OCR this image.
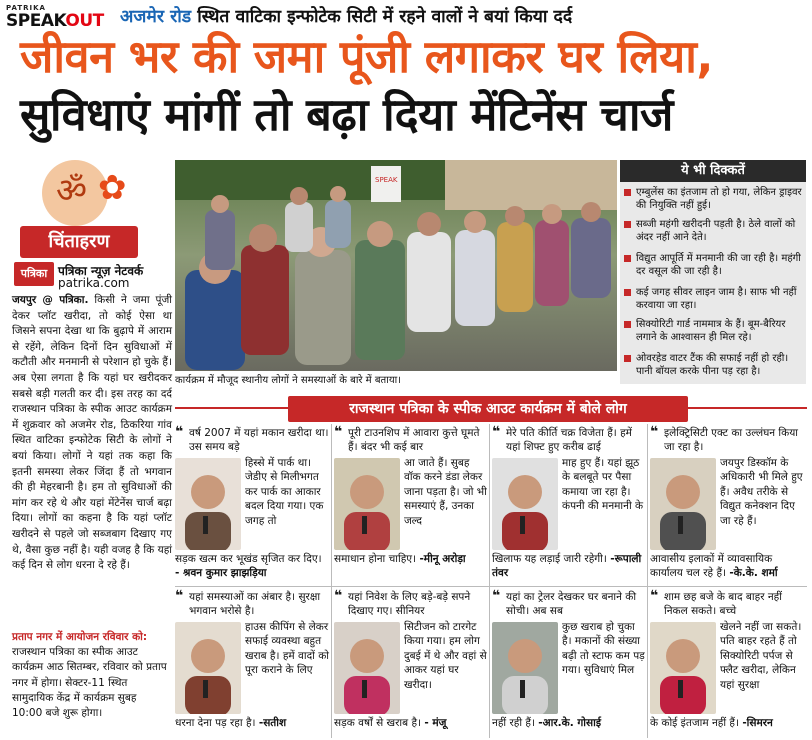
PATRIKA
SPEAKOUT अजमेर रोड स्थित वाटिका इन्फोटेक सिटी में रहने वालों ने बयां किया दर्द
जीवन भर की जमा पूंजी लगाकर घर लिया,
सुविधाएं मांगीं तो बढ़ा दिया मेंटिनेंस चार्ज
ॐ ✿
चिंताहरण
पत्रिका पत्रिका न्यूज़ नेटवर्क
patrika.com
जयपुर @ पत्रिका. किसी ने जमा पूंजी देकर प्लॉट खरीदा, तो कोई ऐसा था जिसने सपना देखा था कि बुढ़ापे में आराम से रहेंगे, लेकिन दिनों दिन सुविधाओं में कटौती और मनमानी से परेशान हो चुके हैं। अब ऐसा लगता है कि यहां घर खरीदकर सबसे बड़ी गलती कर दी। इस तरह का दर्द राजस्थान पत्रिका के स्पीक आउट कार्यक्रम में शुक्रवार को अजमेर रोड, ठिकरिया गांव स्थित वाटिका इन्फोटेक सिटी के लोगों ने बयां किया। लोगों ने यहां तक कहा कि इतनी समस्या लेकर जिंदा हैं तो भगवान की ही मेहरबानी है। हम तो सुविधाओं की मांग कर रहे थे और यहां मेंटेनेंस चार्ज बढ़ा दिया। लोगों का कहना है कि यहां प्लॉट खरीदने से पहले जो सब्जबाग दिखाए गए थे, वैसा कुछ नहीं है। यही वजह है कि यहां कई दिन से लोग धरना दे रहे हैं।
प्रताप नगर में आयोजन रविवार को: राजस्थान पत्रिका का स्पीक आउट कार्यक्रम आठ सितम्बर, रविवार को प्रताप नगर में होगा। सेक्टर-11 स्थित सामुदायिक केंद्र में कार्यक्रम सुबह 10:00 बजे शुरू होगा।
SPEAK
कार्यक्रम में मौजूद स्थानीय लोगों ने समस्याओं के बारे में बताया।
ये भी दिक्कतें
एम्बुलेंस का इंतजाम तो हो गया, लेकिन ड्राइवर की नियुक्ति नहीं हुई।
सब्जी महंगी खरीदनी पड़ती है। ठेले वालों को अंदर नहीं आने देते।
विद्युत आपूर्ति में मनमानी की जा रही है। महंगी दर वसूल की जा रही है।
कई जगह सीवर लाइन जाम है। साफ भी नहीं करवाया जा रहा।
सिक्योरिटी गार्ड नाममात्र के हैं। बूम-बैरियर लगाने के आश्वासन ही मिल रहे।
ओवरहेड वाटर टैंक की सफाई नहीं हो रही। पानी बॉयल करके पीना पड़ रहा है।
राजस्थान पत्रिका के स्पीक आउट कार्यक्रम में बोले लोग
❝ वर्ष 2007 में यहां मकान खरीदा था। उस समय बड़े
हिस्से में पार्क था। जेडीए से मिलीभगत कर पार्क का आकार बदल दिया गया। एक जगह तो
सड़क खत्म कर भूखंड सृजित कर दिए। - श्रवन कुमार झाझड़िया
❝ पूरी टाउनशिप में आवारा कुत्ते घूमते हैं। बंदर भी कई बार
आ जाते हैं। सुबह वॉक करने डंडा लेकर जाना पड़ता है। जो भी समस्याएं हैं, उनका जल्द
समाधान होना चाहिए। -मीनू अरोड़ा
❝ मेरे पति कीर्ति चक्र विजेता हैं। हमें यहां शिफ्ट हुए करीब ढाई
माह हुए हैं। यहां झूठ के बलबूते पर पैसा कमाया जा रहा है। कंपनी की मनमानी के
खिलाफ यह लड़ाई जारी रहेगी। -रूपाली तंवर
❝ इलेक्ट्रिसिटी एक्ट का उल्लंघन किया जा रहा है।
जयपुर डिस्कॉम के अधिकारी भी मिले हुए हैं। अवैध तरीके से विद्युत कनेक्शन दिए जा रहे हैं।
आवासीय इलाकों में व्यावसायिक कार्यालय चल रहे हैं। -के.के. शर्मा
❝ यहां समस्याओं का अंबार है। सुरक्षा भगवान भरोसे है।
हाउस कीपिंग से लेकर सफाई व्यवस्था बहुत खराब है। हमें वादों को पूरा कराने के लिए
धरना देना पड़ रहा है। -सतीश
❝ यहां निवेश के लिए बड़े-बड़े सपने दिखाए गए। सीनियर
सिटीजन को टारगेट किया गया। हम लोग दुबई में थे और वहां से आकर यहां घर खरीदा।
सड़क वर्षों से खराब है। - मंजू
❝ यहां का ट्रेलर देखकर घर बनाने की सोची। अब सब
कुछ खराब हो चुका है। मकानों की संख्या बढ़ी तो स्टाफ कम पड़ गया। सुविधाएं मिल
नहीं रही हैं। -आर.के. गोसाई
❝ शाम छह बजे के बाद बाहर नहीं निकल सकते। बच्चे
खेलने नहीं जा सकते। पति बाहर रहते हैं तो सिक्योरिटी पर्पज से फ्लैट खरीदा, लेकिन यहां सुरक्षा
के कोई इंतजाम नहीं हैं। -सिमरन
